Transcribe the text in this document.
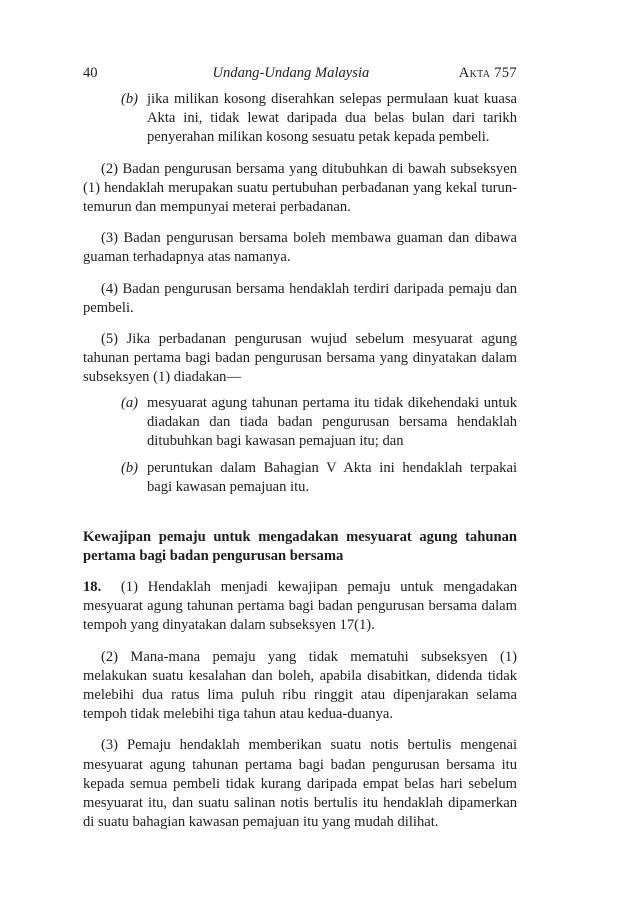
40	Undang-Undang Malaysia	Akta 757
(b) jika milikan kosong diserahkan selepas permulaan kuat kuasa Akta ini, tidak lewat daripada dua belas bulan dari tarikh penyerahan milikan kosong sesuatu petak kepada pembeli.

(2) Badan pengurusan bersama yang ditubuhkan di bawah subseksyen (1) hendaklah merupakan suatu pertubuhan perbadanan yang kekal turun-temurun dan mempunyai meterai perbadanan.

(3) Badan pengurusan bersama boleh membawa guaman dan dibawa guaman terhadapnya atas namanya.

(4) Badan pengurusan bersama hendaklah terdiri daripada pemaju dan pembeli.

(5) Jika perbadanan pengurusan wujud sebelum mesyuarat agung tahunan pertama bagi badan pengurusan bersama yang dinyatakan dalam subseksyen (1) diadakan—

(a) mesyuarat agung tahunan pertama itu tidak dikehendaki untuk diadakan dan tiada badan pengurusan bersama hendaklah ditubuhkan bagi kawasan pemajuan itu; dan
(b) peruntukan dalam Bahagian V Akta ini hendaklah terpakai bagi kawasan pemajuan itu.

Kewajipan pemaju untuk mengadakan mesyuarat agung tahunan pertama bagi badan pengurusan bersama

18. (1) Hendaklah menjadi kewajipan pemaju untuk mengadakan mesyuarat agung tahunan pertama bagi badan pengurusan bersama dalam tempoh yang dinyatakan dalam subseksyen 17(1).

(2) Mana-mana pemaju yang tidak mematuhi subseksyen (1) melakukan suatu kesalahan dan boleh, apabila disabitkan, didenda tidak melebihi dua ratus lima puluh ribu ringgit atau dipenjarakan selama tempoh tidak melebihi tiga tahun atau kedua-duanya.

(3) Pemaju hendaklah memberikan suatu notis bertulis mengenai mesyuarat agung tahunan pertama bagi badan pengurusan bersama itu kepada semua pembeli tidak kurang daripada empat belas hari sebelum mesyuarat itu, dan suatu salinan notis bertulis itu hendaklah dipamerkan di suatu bahagian kawasan pemajuan itu yang mudah dilihat.
